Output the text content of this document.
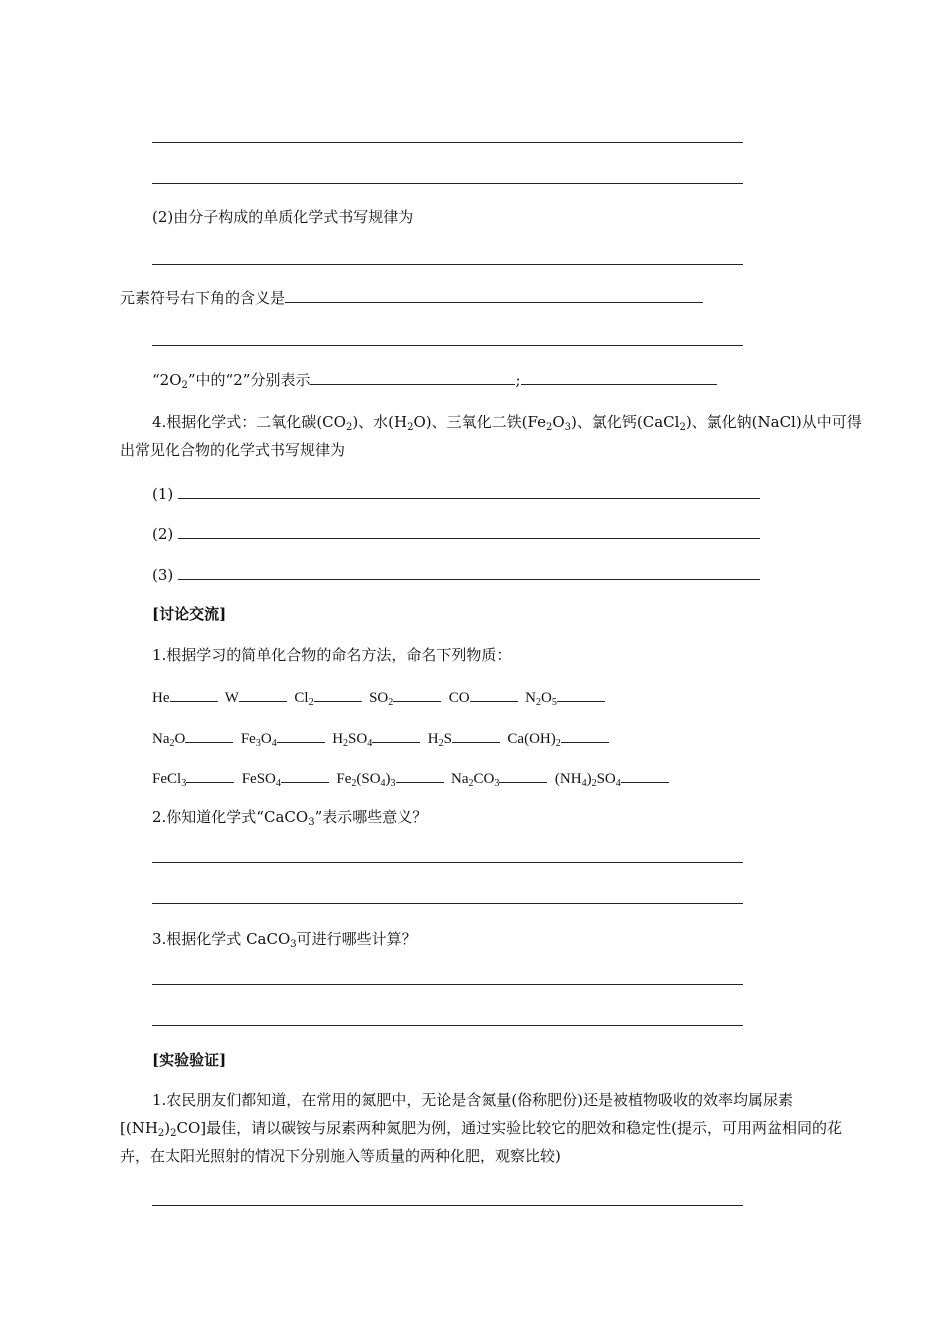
(2)由分子构成的单质化学式书写规律为
元素符号右下角的含义是
“$2O_2$”中的“2”分别表示	;
4.根据化学式：二氧化碳$(CO_2)$、水$(H_2O)$、三氧化二铁$(Fe_2O_3)$、氯化钙(CaCl$_2$)、氯化钠(NaCl)从中可得出常见化合物的化学式书写规律为
(1)
(2)
(3)
[讨论交流]
1.根据学习的简单化合物的命名方法，命名下列物质：
He	W	$Cl_2$	$SO_2$	CO	$N_2O_5$
$Na_2O$	$Fe_3O_4$	$H_2SO_4$	$H_2S$	$Ca(OH)_2$
FeCl$_3$	FeSO$_4$	$Fe_2(SO_4)_3$	$Na_2CO_3$	$(NH_4)_2SO_4$
2.你知道化学式“CaCO$_3$”表示哪些意义？
3.根据化学式 CaCO$_3$可进行哪些计算？
[实验验证]
1.农民朋友们都知道，在常用的氮肥中，无论是含氮量(俗称肥份)还是被植物吸收的效率均属尿素$[(NH_2)_2CO]$最佳，请以碳铵与尿素两种氮肥为例，通过实验比较它的肥效和稳定性(提示，可用两盆相同的花卉，在太阳光照射的情况下分别施入等质量的两种化肥，观察比较)
